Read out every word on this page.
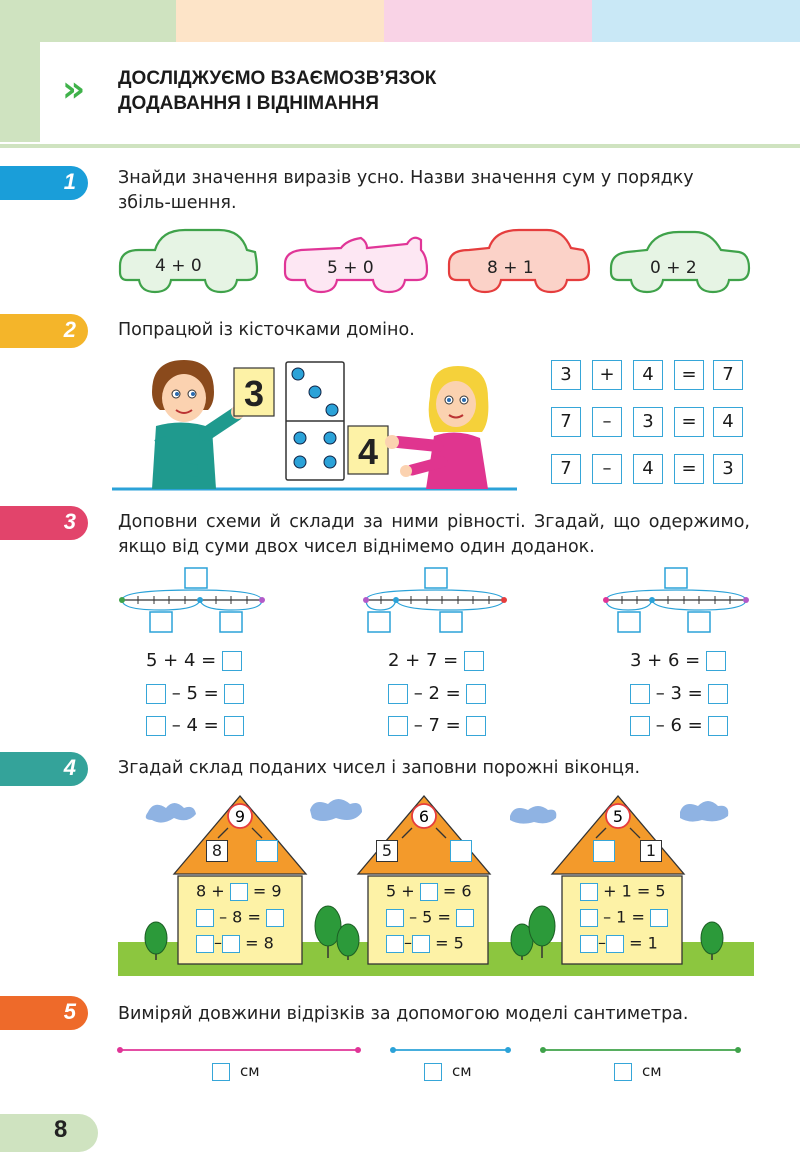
» ДОСЛІДЖУЄМО ВЗАЄМОЗВ’ЯЗОК
ДОДАВАННЯ І ВІДНІМАННЯ
1 Знайди значення виразів усно. Назви значення сум у порядку збіль-шення.
4 + 0	5 + 0	8 + 1	0 + 2
2 Попрацюй із кісточками доміно.
3
4
3	+	4	=	7
7	–	3	=	4
7	–	4	=	3
3 Доповни схеми й склади за ними рівності. Згадай, що одержимо, якщо від суми двох чисел віднімемо один доданок.
5 + 4 =
– 5 =
– 4 =
2 + 7 =
– 2 =
– 7 =
3 + 6 =
– 3 =
– 6 =
4 Згадай склад поданих чисел і заповни порожні віконця.
9	6	5
8	5	1
8 + = 9
– 8 =
– = 8
5 + = 6
– 5 =
– = 5
+ 1 = 5
– 1 =
– = 1
5 Виміряй довжини відрізків за допомогою моделі сантиметра.
см	см	см
8
